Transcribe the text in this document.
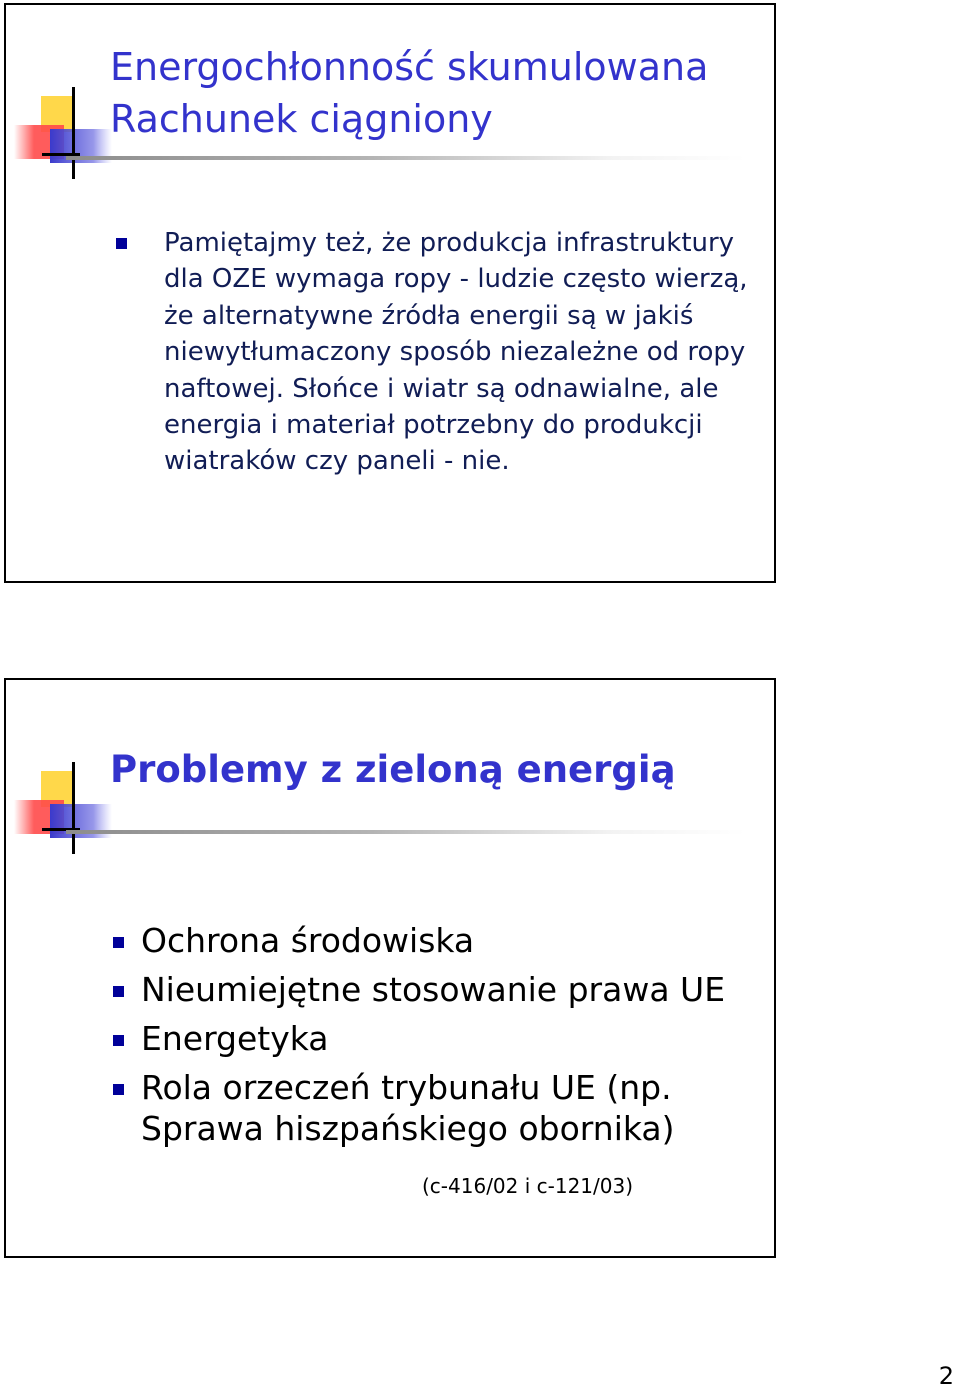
Energochłonność skumulowana
Rachunek ciągniony
Pamiętajmy też, że produkcja infrastruktury dla OZE wymaga ropy - ludzie często wierzą, że alternatywne źródła energii są w jakiś niewytłumaczony sposób niezależne od ropy naftowej. Słońce i wiatr są odnawialne, ale energia i materiał potrzebny do produkcji wiatraków czy paneli - nie.
Problemy z zieloną energią
Ochrona środowiska
Nieumiejętne stosowanie prawa UE
Energetyka
Rola orzeczeń trybunału UE (np. Sprawa hiszpańskiego obornika)
(c-416/02 i c-121/03)
2
